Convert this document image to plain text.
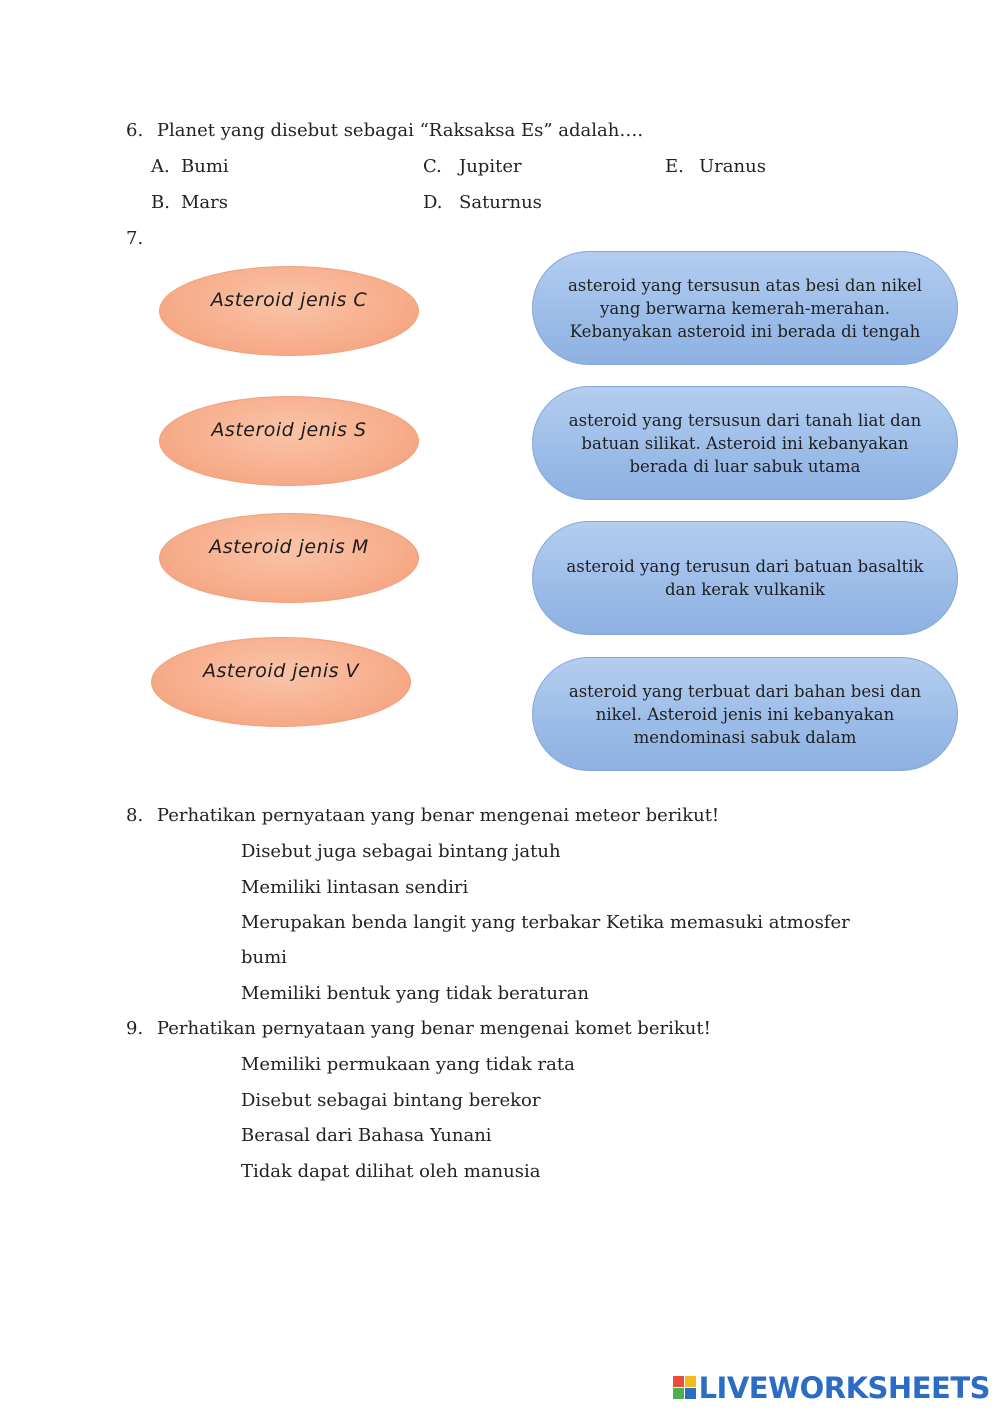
6. Planet yang disebut sebagai “Raksaksa Es” adalah….
A. Bumi
B. Mars
C. Jupiter
D. Saturnus
E. Uranus
7.
Asteroid jenis C
Asteroid jenis S
Asteroid jenis M
Asteroid jenis V

asteroid yang tersusun atas besi dan nikel
yang berwarna kemerah-merahan.
Kebanyakan asteroid ini berada di tengah

asteroid yang tersusun dari tanah liat dan
batuan silikat. Asteroid ini kebanyakan
berada di luar sabuk utama

asteroid yang terusun dari batuan basaltik
dan kerak vulkanik

asteroid yang terbuat dari bahan besi dan
nikel. Asteroid jenis ini kebanyakan
mendominasi sabuk dalam

8. Perhatikan pernyataan yang benar mengenai meteor berikut!
Disebut juga sebagai bintang jatuh
Memiliki lintasan sendiri
Merupakan benda langit yang terbakar Ketika memasuki atmosfer
bumi
Memiliki bentuk yang tidak beraturan
9. Perhatikan pernyataan yang benar mengenai komet berikut!
Memiliki permukaan yang tidak rata
Disebut sebagai bintang berekor
Berasal dari Bahasa Yunani
Tidak dapat dilihat oleh manusia
LIVEWORKSHEETS
